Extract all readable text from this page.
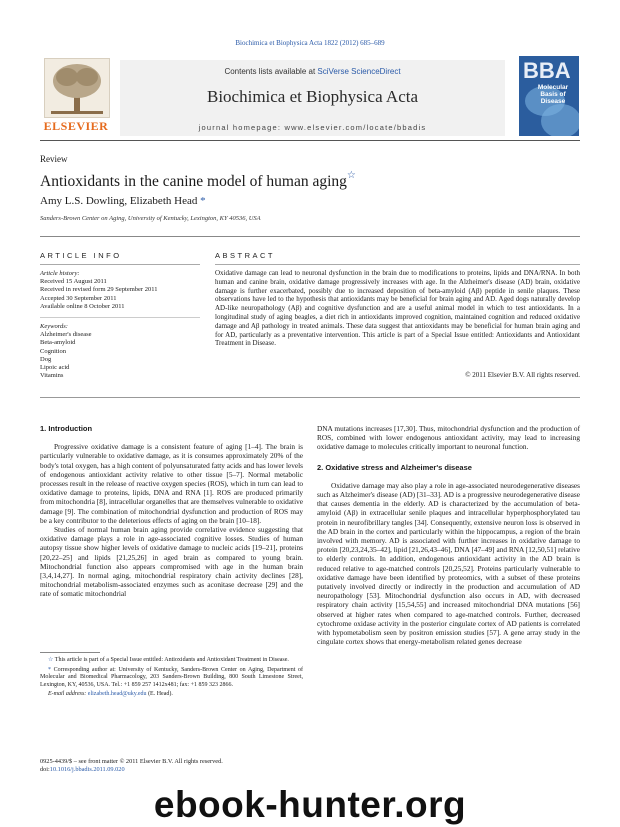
Biochimica et Biophysica Acta 1822 (2012) 685–689
ELSEVIER
Contents lists available at SciVerse ScienceDirect
Biochimica et Biophysica Acta
journal homepage: www.elsevier.com/locate/bbadis
BBA
Molecular Basis of Disease
Review
Antioxidants in the canine model of human aging☆
Amy L.S. Dowling, Elizabeth Head *
Sanders-Brown Center on Aging, University of Kentucky, Lexington, KY 40536, USA
ARTICLE INFO	ABSTRACT
Article history:
Received 15 August 2011
Received in revised form 29 September 2011
Accepted 30 September 2011
Available online 8 October 2011
Keywords:
Alzheimer's disease
Beta-amyloid
Cognition
Dog
Lipoic acid
Vitamins
Oxidative damage can lead to neuronal dysfunction in the brain due to modifications to proteins, lipids and DNA/RNA. In both human and canine brain, oxidative damage progressively increases with age. In the Alzheimer's disease (AD) brain, oxidative damage is further exacerbated, possibly due to increased deposition of beta-amyloid (Aβ) peptide in senile plaques. These observations have led to the hypothesis that antioxidants may be beneficial for brain aging and AD. Aged dogs naturally develop AD-like neuropathology (Aβ) and cognitive dysfunction and are a useful animal model in which to test antioxidants. In a longitudinal study of aging beagles, a diet rich in antioxidants improved cognition, maintained cognition and reduced oxidative damage and Aβ pathology in treated animals. These data suggest that antioxidants may be beneficial for human brain aging and for AD, particularly as a preventative intervention. This article is part of a Special Issue entitled: Antioxidants and Antioxidant Treatment in Disease.
© 2011 Elsevier B.V. All rights reserved.
1. Introduction

Progressive oxidative damage is a consistent feature of aging [1–4]. The brain is particularly vulnerable to oxidative damage, as it is consumes approximately 20% of the body's total oxygen, has a high content of polyunsaturated fatty acids and has lower levels of endogenous antioxidant activity relative to other tissue [5–7]. Normal metabolic processes result in the release of reactive oxygen species (ROS), which in turn can lead to oxidative damage to proteins, lipids, DNA and RNA [1]. ROS are produced primarily from mitochondria [8], intracellular organelles that are themselves vulnerable to oxidative damage [9]. The combination of mitochondrial dysfunction and production of ROS may be a key contributor to the deleterious effects of aging on the brain [10–18].

Studies of normal human brain aging provide correlative evidence suggesting that oxidative damage plays a role in age-associated cognitive losses. Studies of human autopsy tissue show higher levels of oxidative damage to nucleic acids [19–21], proteins [20,22–25] and lipids [21,25,26] in aged brain as compared to young brain. Mitochondrial function also appears compromised with age in the human brain [3,4,14,27]. In normal aging, mitochondrial respiratory chain activity declines [28], mitochondrial metabolism-associated enzymes such as aconitase decrease [29] and the rate of somatic mitochondrial

DNA mutations increases [17,30]. Thus, mitochondrial dysfunction and the production of ROS, combined with lower endogenous antioxidant activity, may lead to increasing oxidative damage to molecules critically important to neuronal function.

2. Oxidative stress and Alzheimer's disease

Oxidative damage may also play a role in age-associated neurodegenerative diseases such as Alzheimer's disease (AD) [31–33]. AD is a progressive neurodegenerative disease that causes dementia in the elderly. AD is characterized by the accumulation of beta-amyloid (Aβ) in extracellular senile plaques and intracellular hyperphosphorylated tau protein in neurofibrillary tangles [34]. Consequently, extensive neuron loss is observed in the AD brain in the cortex and particularly within the hippocampus, a region of the brain involved with memory. AD is associated with further increases in oxidative damage to protein [20,23,24,35–42], lipid [21,26,43–46], DNA [47–49] and RNA [12,50,51] relative to elderly controls. In addition, endogenous antioxidant activity in the AD brain is reduced relative to age-matched controls [20,25,52]. Proteins particularly vulnerable to oxidative damage have been identified by proteomics, with a subset of these proteins putatively involved directly or indirectly in the production and accumulation of AD neuropathology [53]. Mitochondrial dysfunction also occurs in AD, with decreased respiratory chain activity [15,54,55] and increased mitochondrial DNA mutations [56] observed at higher rates when compared to age-matched controls. Further, decreased cytochrome oxidase activity in the posterior cingulate cortex of AD patients is correlated with hypometabolism seen by positron emission studies [57]. A gene array study in the cingulate cortex shows that energy-metabolism related genes decrease

☆ This article is part of a Special Issue entitled: Antioxidants and Antioxidant Treatment in Disease.

* Corresponding author at: University of Kentucky, Sanders-Brown Center on Aging, Department of Molecular and Biomedical Pharmacology, 203 Sanders-Brown Building, 800 South Limestone Street, Lexington, KY, 40536, USA. Tel.: +1 859 257 1412x481; fax: +1 859 323 2866.

E-mail address: elizabeth.head@uky.edu (E. Head).

0925-4439/$ – see front matter © 2011 Elsevier B.V. All rights reserved.
doi:10.1016/j.bbadis.2011.09.020
ebook-hunter.org
